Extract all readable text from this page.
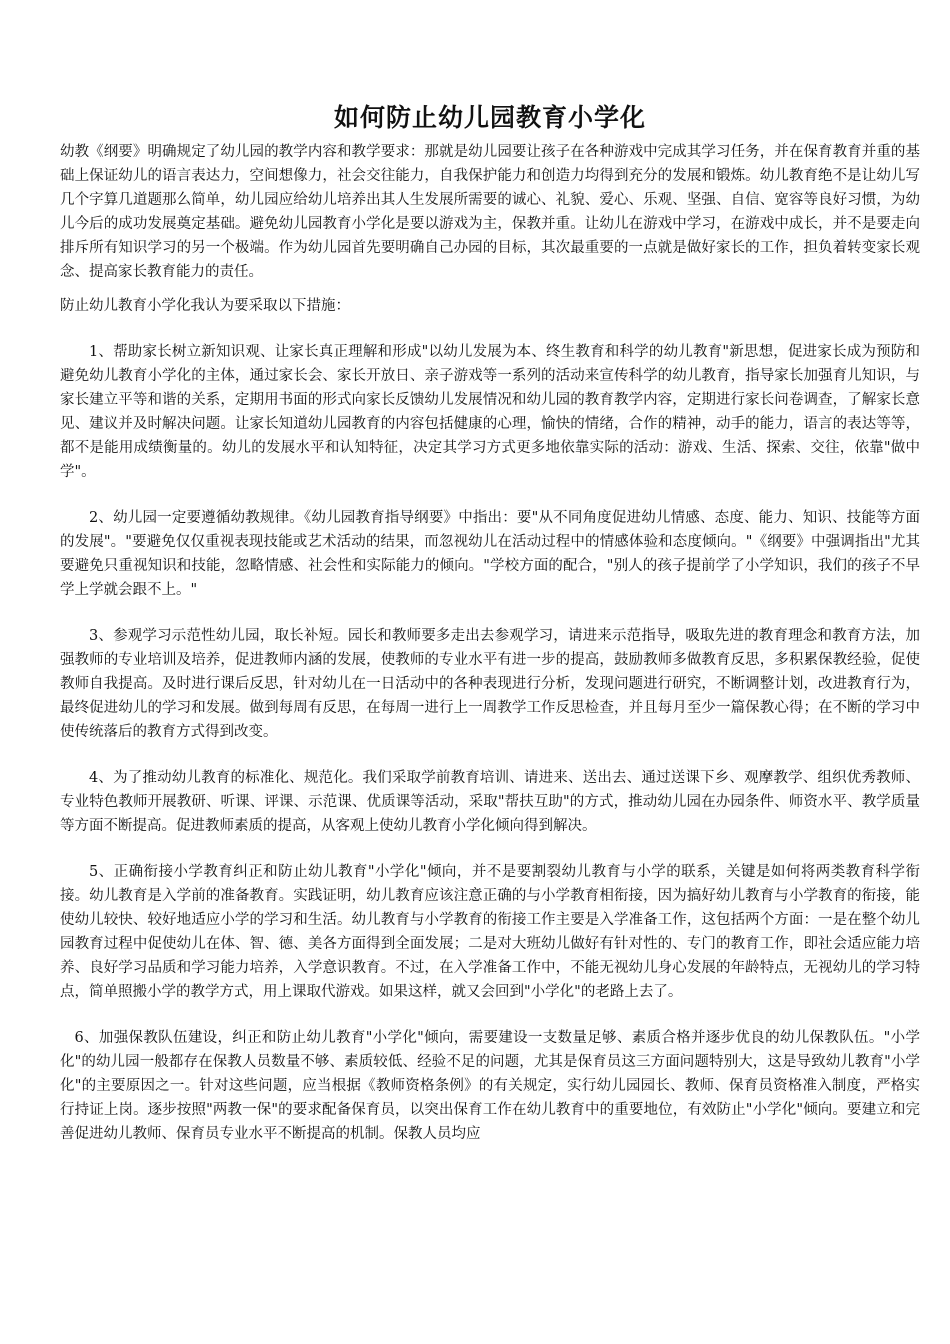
如何防止幼儿园教育小学化

幼教《纲要》明确规定了幼儿园的教学内容和教学要求：那就是幼儿园要让孩子在各种游戏中完成其学习任务，并在保育教育并重的基础上保证幼儿的语言表达力，空间想像力，社会交往能力，自我保护能力和创造力均得到充分的发展和锻炼。幼儿教育绝不是让幼儿写几个字算几道题那么简单，幼儿园应给幼儿培养出其人生发展所需要的诚心、礼貌、爱心、乐观、坚强、自信、宽容等良好习惯，为幼儿今后的成功发展奠定基础。避免幼儿园教育小学化是要以游戏为主，保教并重。让幼儿在游戏中学习，在游戏中成长，并不是要走向排斥所有知识学习的另一个极端。作为幼儿园首先要明确自己办园的目标，其次最重要的一点就是做好家长的工作，担负着转变家长观念、提高家长教育能力的责任。

防止幼儿教育小学化我认为要采取以下措施：

1、帮助家长树立新知识观、让家长真正理解和形成"以幼儿发展为本、终生教育和科学的幼儿教育"新思想，促进家长成为预防和避免幼儿教育小学化的主体，通过家长会、家长开放日、亲子游戏等一系列的活动来宣传科学的幼儿教育，指导家长加强育儿知识，与家长建立平等和谐的关系，定期用书面的形式向家长反馈幼儿发展情况和幼儿园的教育教学内容，定期进行家长问卷调查，了解家长意见、建议并及时解决问题。让家长知道幼儿园教育的内容包括健康的心理，愉快的情绪，合作的精神，动手的能力，语言的表达等等，都不是能用成绩衡量的。幼儿的发展水平和认知特征，决定其学习方式更多地依靠实际的活动：游戏、生活、探索、交往，依靠"做中学"。

2、幼儿园一定要遵循幼教规律。《幼儿园教育指导纲要》中指出：要"从不同角度促进幼儿情感、态度、能力、知识、技能等方面的发展"。"要避免仅仅重视表现技能或艺术活动的结果，而忽视幼儿在活动过程中的情感体验和态度倾向。"《纲要》中强调指出"尤其要避免只重视知识和技能，忽略情感、社会性和实际能力的倾向。"学校方面的配合，"别人的孩子提前学了小学知识，我们的孩子不早学上学就会跟不上。"

3、参观学习示范性幼儿园，取长补短。园长和教师要多走出去参观学习，请进来示范指导，吸取先进的教育理念和教育方法，加强教师的专业培训及培养，促进教师内涵的发展，使教师的专业水平有进一步的提高，鼓励教师多做教育反思，多积累保教经验，促使教师自我提高。及时进行课后反思，针对幼儿在一日活动中的各种表现进行分析，发现问题进行研究，不断调整计划，改进教育行为，最终促进幼儿的学习和发展。做到每周有反思，在每周一进行上一周教学工作反思检查，并且每月至少一篇保教心得；在不断的学习中使传统落后的教育方式得到改变。

4、为了推动幼儿教育的标准化、规范化。我们采取学前教育培训、请进来、送出去、通过送课下乡、观摩教学、组织优秀教师、专业特色教师开展教研、听课、评课、示范课、优质课等活动，采取"帮扶互助"的方式，推动幼儿园在办园条件、师资水平、教学质量等方面不断提高。促进教师素质的提高，从客观上使幼儿教育小学化倾向得到解决。

5、正确衔接小学教育纠正和防止幼儿教育"小学化"倾向，并不是要割裂幼儿教育与小学的联系，关键是如何将两类教育科学衔接。幼儿教育是入学前的准备教育。实践证明，幼儿教育应该注意正确的与小学教育相衔接，因为搞好幼儿教育与小学教育的衔接，能使幼儿较快、较好地适应小学的学习和生活。幼儿教育与小学教育的衔接工作主要是入学准备工作，这包括两个方面：一是在整个幼儿园教育过程中促使幼儿在体、智、德、美各方面得到全面发展；二是对大班幼儿做好有针对性的、专门的教育工作，即社会适应能力培养、良好学习品质和学习能力培养，入学意识教育。不过，在入学准备工作中，不能无视幼儿身心发展的年龄特点，无视幼儿的学习特点，简单照搬小学的教学方式，用上课取代游戏。如果这样，就又会回到"小学化"的老路上去了。

6、加强保教队伍建设，纠正和防止幼儿教育"小学化"倾向，需要建设一支数量足够、素质合格并逐步优良的幼儿保教队伍。"小学化"的幼儿园一般都存在保教人员数量不够、素质较低、经验不足的问题，尤其是保育员这三方面问题特别大，这是导致幼儿教育"小学化"的主要原因之一。针对这些问题，应当根据《教师资格条例》的有关规定，实行幼儿园园长、教师、保育员资格准入制度，严格实行持证上岗。逐步按照"两教一保"的要求配备保育员，以突出保育工作在幼儿教育中的重要地位，有效防止"小学化"倾向。要建立和完善促进幼儿教师、保育员专业水平不断提高的机制。保教人员均应
